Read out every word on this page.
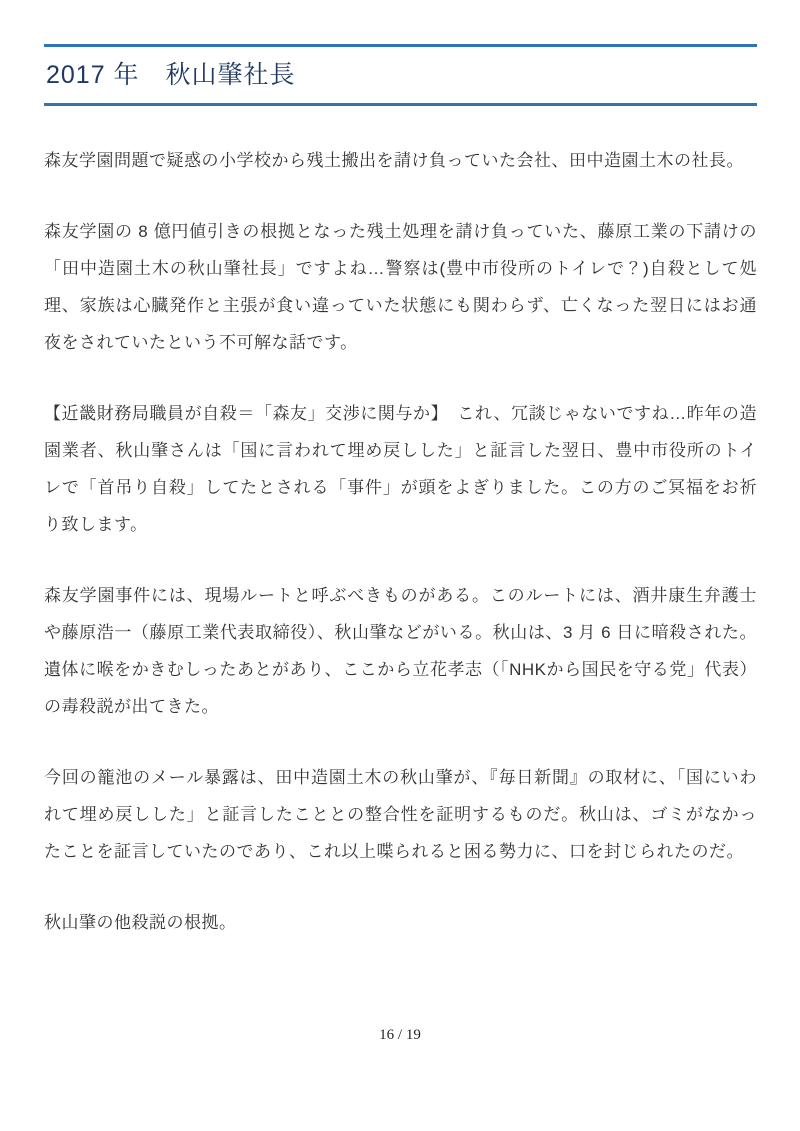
2017 年　秋山肇社長

森友学園問題で疑惑の小学校から残土搬出を請け負っていた会社、田中造園土木の社長。

森友学園の 8 億円値引きの根拠となった残土処理を請け負っていた、藤原工業の下請けの「田中造園土木の秋山肇社長」ですよね…警察は(豊中市役所のトイレで？)自殺として処理、家族は心臓発作と主張が食い違っていた状態にも関わらず、亡くなった翌日にはお通夜をされていたという不可解な話です。

【近畿財務局職員が自殺＝「森友」交渉に関与か】　これ、冗談じゃないですね…昨年の造園業者、秋山肇さんは「国に言われて埋め戻しした」と証言した翌日、豊中市役所のトイレで「首吊り自殺」してたとされる「事件」が頭をよぎりました。この方のご冥福をお祈り致します。

森友学園事件には、現場ルートと呼ぶべきものがある。このルートには、酒井康生弁護士や藤原浩一（藤原工業代表取締役）、秋山肇などがいる。秋山は、3 月 6 日に暗殺された。遺体に喉をかきむしったあとがあり、ここから立花孝志（「NHKから国民を守る党」代表）の毒殺説が出てきた。

今回の籠池のメール暴露は、田中造園土木の秋山肇が、『毎日新聞』の取材に、「国にいわれて埋め戻しした」と証言したこととの整合性を証明するものだ。秋山は、ゴミがなかったことを証言していたのであり、これ以上喋られると困る勢力に、口を封じられたのだ。

秋山肇の他殺説の根拠。

16 / 19
